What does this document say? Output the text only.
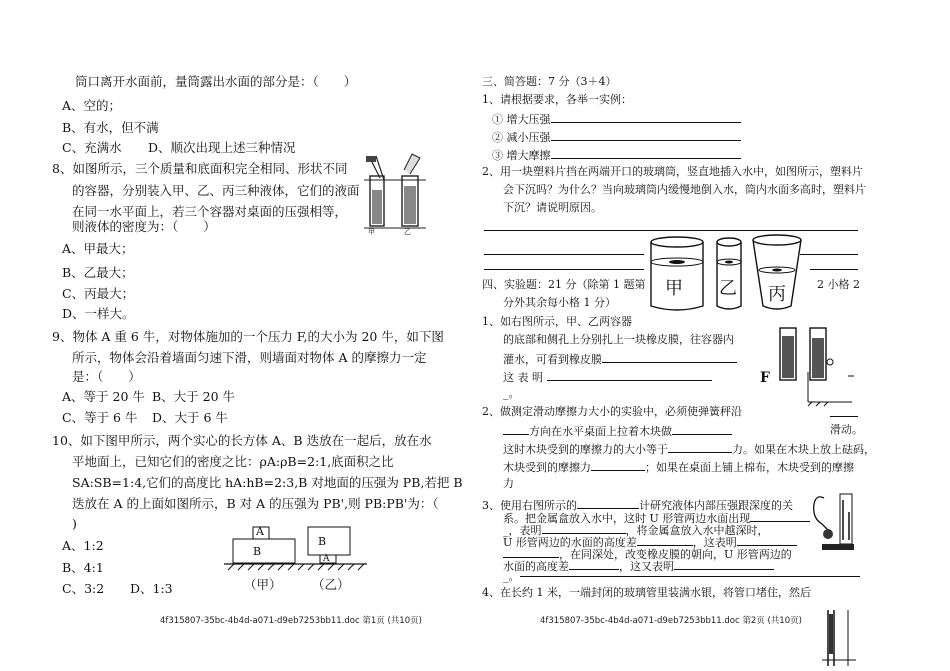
筒口离开水面前，量筒露出水面的部分是：（　　）
A、空的；
B、有水，但不满
C、充满水 D、顺次出现上述三种情况
8、如图所示，三个质量和底面积完全相同、形状不同
的容器，分别装入甲、乙、丙三种液体，它们的液面
在同一水平面上，若三个容器对桌面的压强相等，
则液体的密度为：（　　）	甲	乙
A、甲最大；
B、乙最大；
C、丙最大；
D、一样大。
9、物体 A 重 6 牛，对物体施加的一个压力 F,的大小为 20 牛，如下图
所示，物体会沿着墙面匀速下滑，则墙面对物体 A 的摩擦力一定
是：（　　）
A、等于 20 牛 B、大于 20 牛
C、等于 6 牛 D、大于 6 牛
10、如下图甲所示，两个实心的长方体 A、B 迭放在一起后，放在水
平地面上，已知它们的密度之比：ρA:ρB=2:1,底面积之比
SA:SB=1:4,它们的高度比 hA:hB=2:3,B 对地面的压强为 PB,若把 B
迭放在 A 的上面如图所示，B 对 A 的压强为 PB',则 PB:PB'为：（
)
A、1:2
B、4:1
C、3:2 D、1:3
A
B
B
A
（甲） （乙）
4f315807-35bc-4b4d-a071-d9eb7253bb11.doc 第1页 (共10页)
三、简答题：7 分（3＋4）
1、请根据要求，各举一实例：
① 增大压强
② 减小压强
③ 增大摩擦
2、用一块塑料片挡在两端开口的玻璃筒，竖直地插入水中，如图所示，塑料片
会下沉吗？为什么？当向玻璃筒内缓慢地倒入水，筒内水面多高时，塑料片
下沉？请说明原因。
甲 乙 丙
四、实验题：21 分（除第 1 题第	2 小格 2
分外其余每小格 1 分）
1、如右图所示，甲、乙两容器
的底部和侧孔上分别扎上一块橡皮膜，往容器内
灌水，可看到橡皮膜
这 表 明
_。
F
2、做测定滑动摩擦力大小的实验中，必须使弹簧秤沿
方向在水平桌面上拉着木块做
这时木块受到的摩擦力的大小等于	力。如果在木块上放上砝码，
木块受到的摩擦力	；如果在桌面上铺上棉布，木块受到的摩擦
力
滑动。
3、使用右图所示的	计研究液体内部压强跟深度的关
系。把金属盒放入水中，这时 U 形管两边水面出现
_，表明	，将金属盒放入水中越深时，
U 形管两边的水面的高度差	，这表明
，在同深处，改变橡皮膜的朝向，U 形管两边的
水面的高度差	，这又表明
_。
4、在长约 1 米，一端封闭的玻璃管里装满水银，将管口堵住，然后
4f315807-35bc-4b4d-a071-d9eb7253bb11.doc 第2页 (共10页)
